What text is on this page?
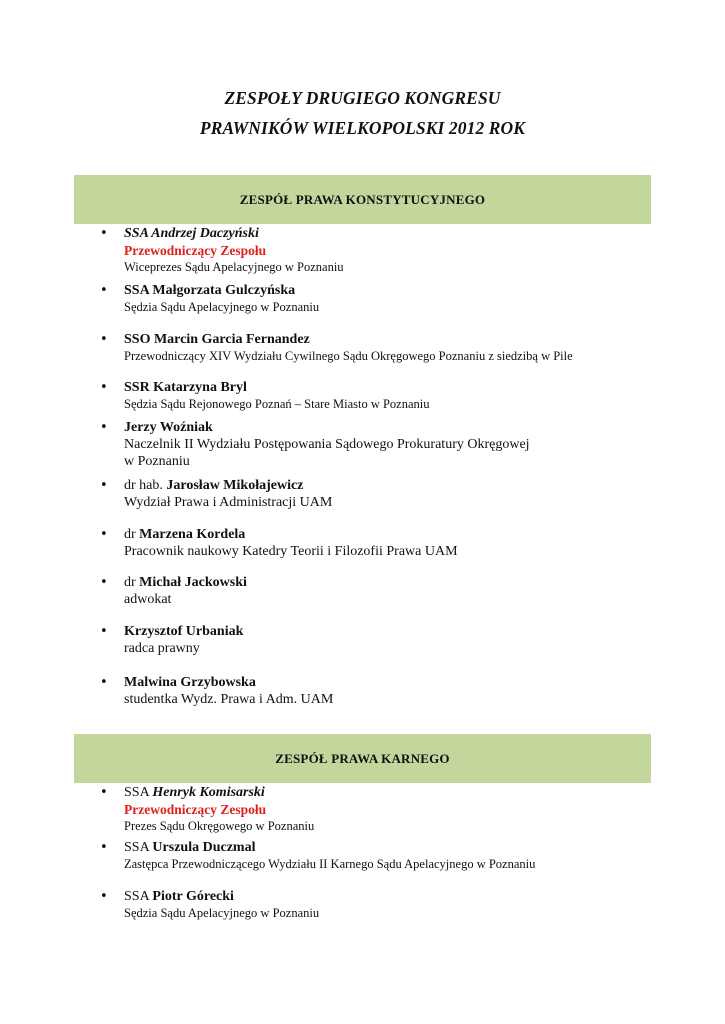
ZESPOŁY DRUGIEGO KONGRESU
PRAWNIKÓW WIELKOPOLSKI 2012 ROK
ZESPÓŁ PRAWA KONSTYTUCYJNEGO
• SSA Andrzej Daczyński
Przewodniczący Zespołu
Wiceprezes Sądu Apelacyjnego w Poznaniu
• SSA Małgorzata Gulczyńska
Sędzia Sądu Apelacyjnego w Poznaniu
• SSO Marcin Garcia Fernandez
Przewodniczący XIV Wydziału Cywilnego Sądu Okręgowego Poznaniu z siedzibą w Pile
• SSR Katarzyna Bryl
Sędzia Sądu Rejonowego Poznań – Stare Miasto w Poznaniu
• Jerzy Woźniak
Naczelnik II Wydziału Postępowania Sądowego Prokuratury Okręgowej
w Poznaniu
• dr hab. Jarosław Mikołajewicz
Wydział Prawa i Administracji UAM
• dr Marzena Kordela
Pracownik naukowy Katedry Teorii i Filozofii Prawa UAM
• dr Michał Jackowski
adwokat
• Krzysztof Urbaniak
radca prawny
• Malwina Grzybowska
studentka Wydz. Prawa i Adm. UAM
ZESPÓŁ PRAWA KARNEGO
• SSA Henryk Komisarski
Przewodniczący Zespołu
Prezes Sądu Okręgowego w Poznaniu
• SSA Urszula Duczmal
Zastępca Przewodniczącego Wydziału II Karnego Sądu Apelacyjnego w Poznaniu
• SSA Piotr Górecki
Sędzia Sądu Apelacyjnego w Poznaniu
